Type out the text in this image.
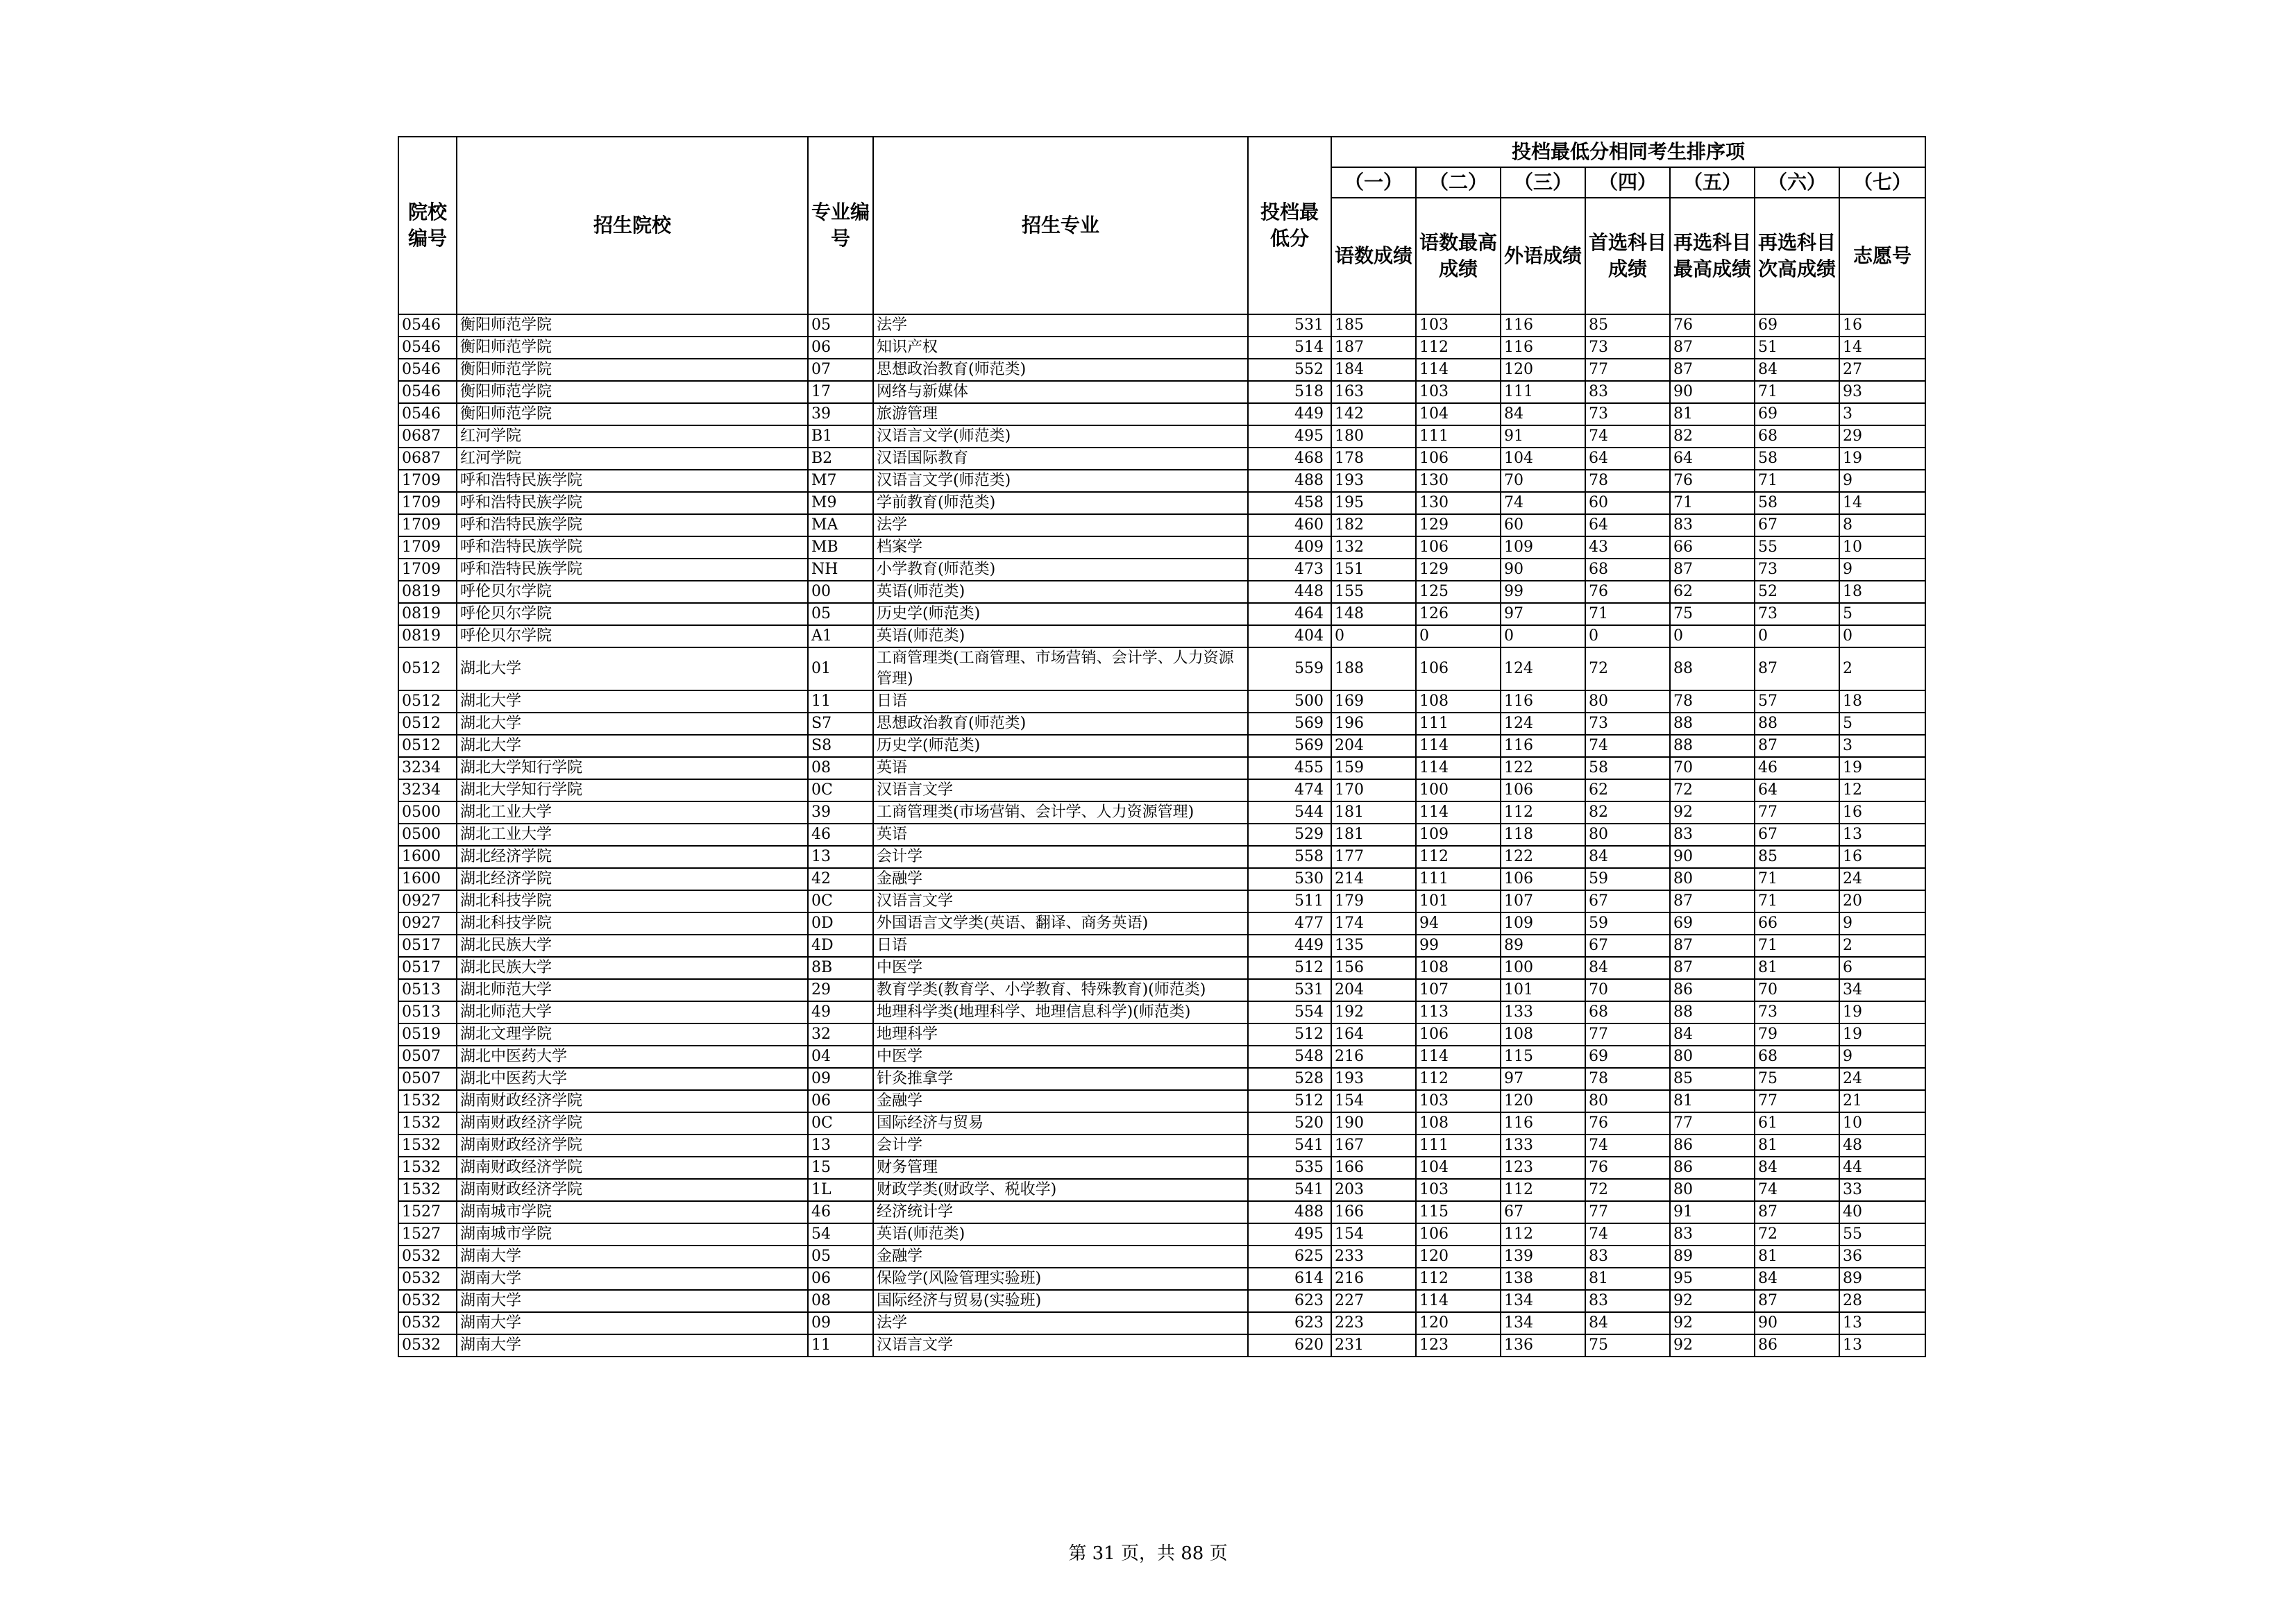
院校编号	招生院校	专业编号	招生专业	投档最低分	投档最低分相同考生排序项						
					（一）	（二）	（三）	（四）	（五）	（六）	（七）
					语数成绩	语数最高成绩	外语成绩	首选科目成绩	再选科目最高成绩	再选科目次高成绩	志愿号
0546	衡阳师范学院	05	法学	531	185	103	116	85	76	69	16
0546	衡阳师范学院	06	知识产权	514	187	112	116	73	87	51	14
0546	衡阳师范学院	07	思想政治教育(师范类)	552	184	114	120	77	87	84	27
0546	衡阳师范学院	17	网络与新媒体	518	163	103	111	83	90	71	93
0546	衡阳师范学院	39	旅游管理	449	142	104	84	73	81	69	3
0687	红河学院	B1	汉语言文学(师范类)	495	180	111	91	74	82	68	29
0687	红河学院	B2	汉语国际教育	468	178	106	104	64	64	58	19
1709	呼和浩特民族学院	M7	汉语言文学(师范类)	488	193	130	70	78	76	71	9
1709	呼和浩特民族学院	M9	学前教育(师范类)	458	195	130	74	60	71	58	14
1709	呼和浩特民族学院	MA	法学	460	182	129	60	64	83	67	8
1709	呼和浩特民族学院	MB	档案学	409	132	106	109	43	66	55	10
1709	呼和浩特民族学院	NH	小学教育(师范类)	473	151	129	90	68	87	73	9
0819	呼伦贝尔学院	00	英语(师范类)	448	155	125	99	76	62	52	18
0819	呼伦贝尔学院	05	历史学(师范类)	464	148	126	97	71	75	73	5
0819	呼伦贝尔学院	A1	英语(师范类)	404	0	0	0	0	0	0	0
0512	湖北大学	01	工商管理类(工商管理、市场营销、会计学、人力资源管理)	559	188	106	124	72	88	87	2
0512	湖北大学	11	日语	500	169	108	116	80	78	57	18
0512	湖北大学	S7	思想政治教育(师范类)	569	196	111	124	73	88	88	5
0512	湖北大学	S8	历史学(师范类)	569	204	114	116	74	88	87	3
3234	湖北大学知行学院	08	英语	455	159	114	122	58	70	46	19
3234	湖北大学知行学院	0C	汉语言文学	474	170	100	106	62	72	64	12
0500	湖北工业大学	39	工商管理类(市场营销、会计学、人力资源管理)	544	181	114	112	82	92	77	16
0500	湖北工业大学	46	英语	529	181	109	118	80	83	67	13
1600	湖北经济学院	13	会计学	558	177	112	122	84	90	85	16
1600	湖北经济学院	42	金融学	530	214	111	106	59	80	71	24
0927	湖北科技学院	0C	汉语言文学	511	179	101	107	67	87	71	20
0927	湖北科技学院	0D	外国语言文学类(英语、翻译、商务英语)	477	174	94	109	59	69	66	9
0517	湖北民族大学	4D	日语	449	135	99	89	67	87	71	2
0517	湖北民族大学	8B	中医学	512	156	108	100	84	87	81	6
0513	湖北师范大学	29	教育学类(教育学、小学教育、特殊教育)(师范类)	531	204	107	101	70	86	70	34
0513	湖北师范大学	49	地理科学类(地理科学、地理信息科学)(师范类)	554	192	113	133	68	88	73	19
0519	湖北文理学院	32	地理科学	512	164	106	108	77	84	79	19
0507	湖北中医药大学	04	中医学	548	216	114	115	69	80	68	9
0507	湖北中医药大学	09	针灸推拿学	528	193	112	97	78	85	75	24
1532	湖南财政经济学院	06	金融学	512	154	103	120	80	81	77	21
1532	湖南财政经济学院	0C	国际经济与贸易	520	190	108	116	76	77	61	10
1532	湖南财政经济学院	13	会计学	541	167	111	133	74	86	81	48
1532	湖南财政经济学院	15	财务管理	535	166	104	123	76	86	84	44
1532	湖南财政经济学院	1L	财政学类(财政学、税收学)	541	203	103	112	72	80	74	33
1527	湖南城市学院	46	经济统计学	488	166	115	67	77	91	87	40
1527	湖南城市学院	54	英语(师范类)	495	154	106	112	74	83	72	55
0532	湖南大学	05	金融学	625	233	120	139	83	89	81	36
0532	湖南大学	06	保险学(风险管理实验班)	614	216	112	138	81	95	84	89
0532	湖南大学	08	国际经济与贸易(实验班)	623	227	114	134	83	92	87	28
0532	湖南大学	09	法学	623	223	120	134	84	92	90	13
0532	湖南大学	11	汉语言文学	620	231	123	136	75	92	86	13
第 31 页，共 88 页
